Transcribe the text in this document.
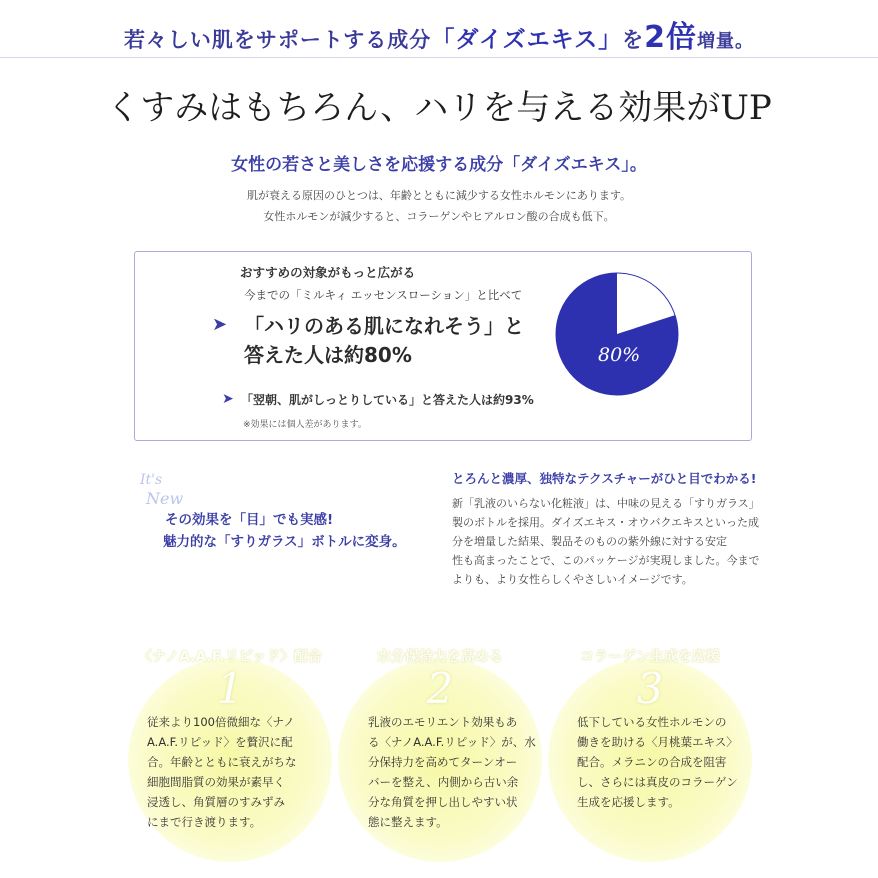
若々しい肌をサポートする成分「ダイズエキス」を2倍増量。
くすみはもちろん、ハリを与える効果がUP
女性の若さと美しさを応援する成分「ダイズエキス」。
肌が衰える原因のひとつは、年齢とともに減少する女性ホルモンにあります。
女性ホルモンが減少すると、コラーゲンやヒアルロン酸の合成も低下。
おすすめの対象がもっと広がる
今までの「ミルキィ エッセンスローション」と比べて
➤ 「ハリのある肌になれそう」と
答えた人は約80%
➤ 「翌朝、肌がしっとりしている」と答えた人は約93%
※効果には個人差があります。
80%
It's
New
その効果を「目」でも実感!
魅力的な「すりガラス」ボトルに変身。
とろんと濃厚、独特なテクスチャーがひと目でわかる!
新「乳液のいらない化粧液」は、中味の見える「すりガラス」
製のボトルを採用。ダイズエキス・オウバクエキスといった成
分を増量した結果、製品そのものの紫外線に対する安定
性も高まったことで、このパッケージが実現しました。今まで
よりも、より女性らしくやさしいイメージです。
〈ナノA.A.F.リピッド〉配合	水分保持力を高める	コラーゲン生成を応援
1	2	3
従来より100倍微細な〈ナノ
A.A.F.リピッド〉を贅沢に配
合。年齢とともに衰えがちな
細胞間脂質の効果が素早く
浸透し、角質層のすみずみ
にまで行き渡ります。
乳液のエモリエント効果もあ
る〈ナノA.A.F.リピッド〉が、水
分保持力を高めてターンオー
バーを整え、内側から古い余
分な角質を押し出しやすい状
態に整えます。
低下している女性ホルモンの
働きを助ける〈月桃葉エキス〉
配合。メラニンの合成を阻害
し、さらには真皮のコラーゲン
生成を応援します。
